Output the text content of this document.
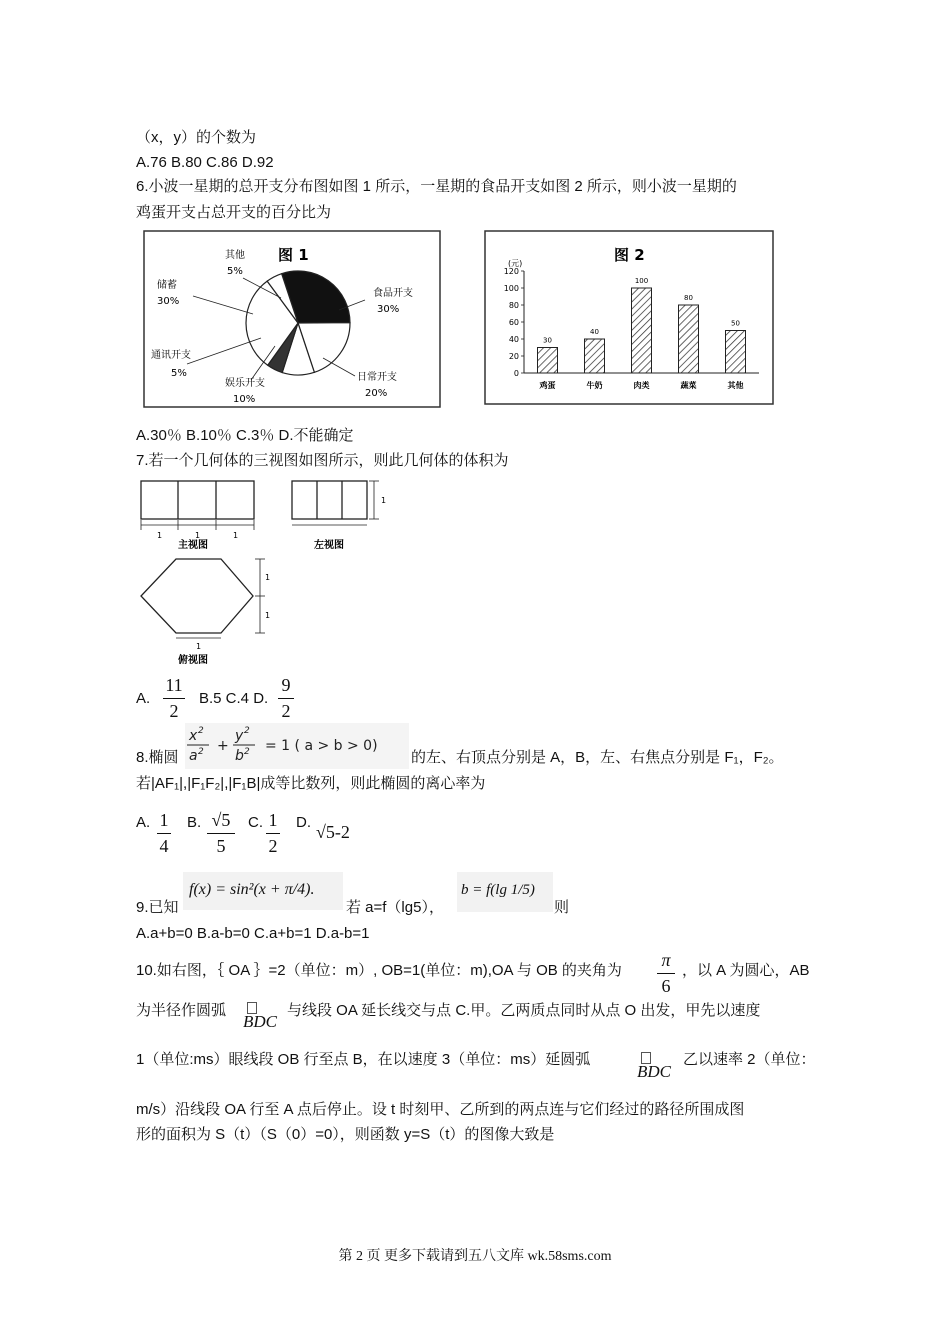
（x，y）的个数为
A.76 B.80 C.86 D.92
6.小波一星期的总开支分布图如图 1 所示，一星期的食品开支如图 2 所示，则小波一星期的
鸡蛋开支占总开支的百分比为
图 1
其他
5%
储蓄
30%
食品开支
30%
通讯开支
5%
娱乐开支
10%
日常开支
20%
图 2
(元)
0
20
40
60
80
100
120
30
鸡蛋
40
牛奶
100
肉类
80
蔬菜
50
其他
A.30％ B.10％ C.3％ D.不能确定
7.若一个几何体的三视图如图所示，则此几何体的体积为
1	1	1
主视图
1
左视图
1
1
1
俯视图
A.
11
2
B.5 C.4 D.
9
2
8.椭圆
x 2
a 2 +
y 2
b 2 = 1 ( a > b > 0)
的左、右顶点分别是 A，B，左、右焦点分别是 F₁，F₂。
若|AF₁|,|F₁F₂|,|F₁B|成等比数列，则此椭圆的离心率为
A. 1
4
B. √5
5
C. 1
2
D. √5-2
9.已知
f(x) = sin²(x + π/4).
若 a=f（lg5），
b = f(lg 1/5)
则
A.a+b=0 B.a-b=0 C.a+b=1 D.a-b=1
10.如右图，｛ OA ｝=2（单位：m）, OB=1(单位：m),OA 与 OB 的夹角为
π
6
，以 A 为圆心，AB
为半径作圆弧
BDC
与线段 OA 延长线交与点 C.甲。乙两质点同时从点 O 出发，甲先以速度
1（单位:ms）眼线段 OB 行至点 B，在以速度 3（单位：ms）延圆弧
BDC
乙以速率 2（单位：
m/s）沿线段 OA 行至 A 点后停止。设 t 时刻甲、乙所到的两点连与它们经过的路径所围成图
形的面积为 S（t）（S（0）=0），则函数 y=S（t）的图像大致是
第 2 页 更多下载请到五八文库 wk.58sms.com
